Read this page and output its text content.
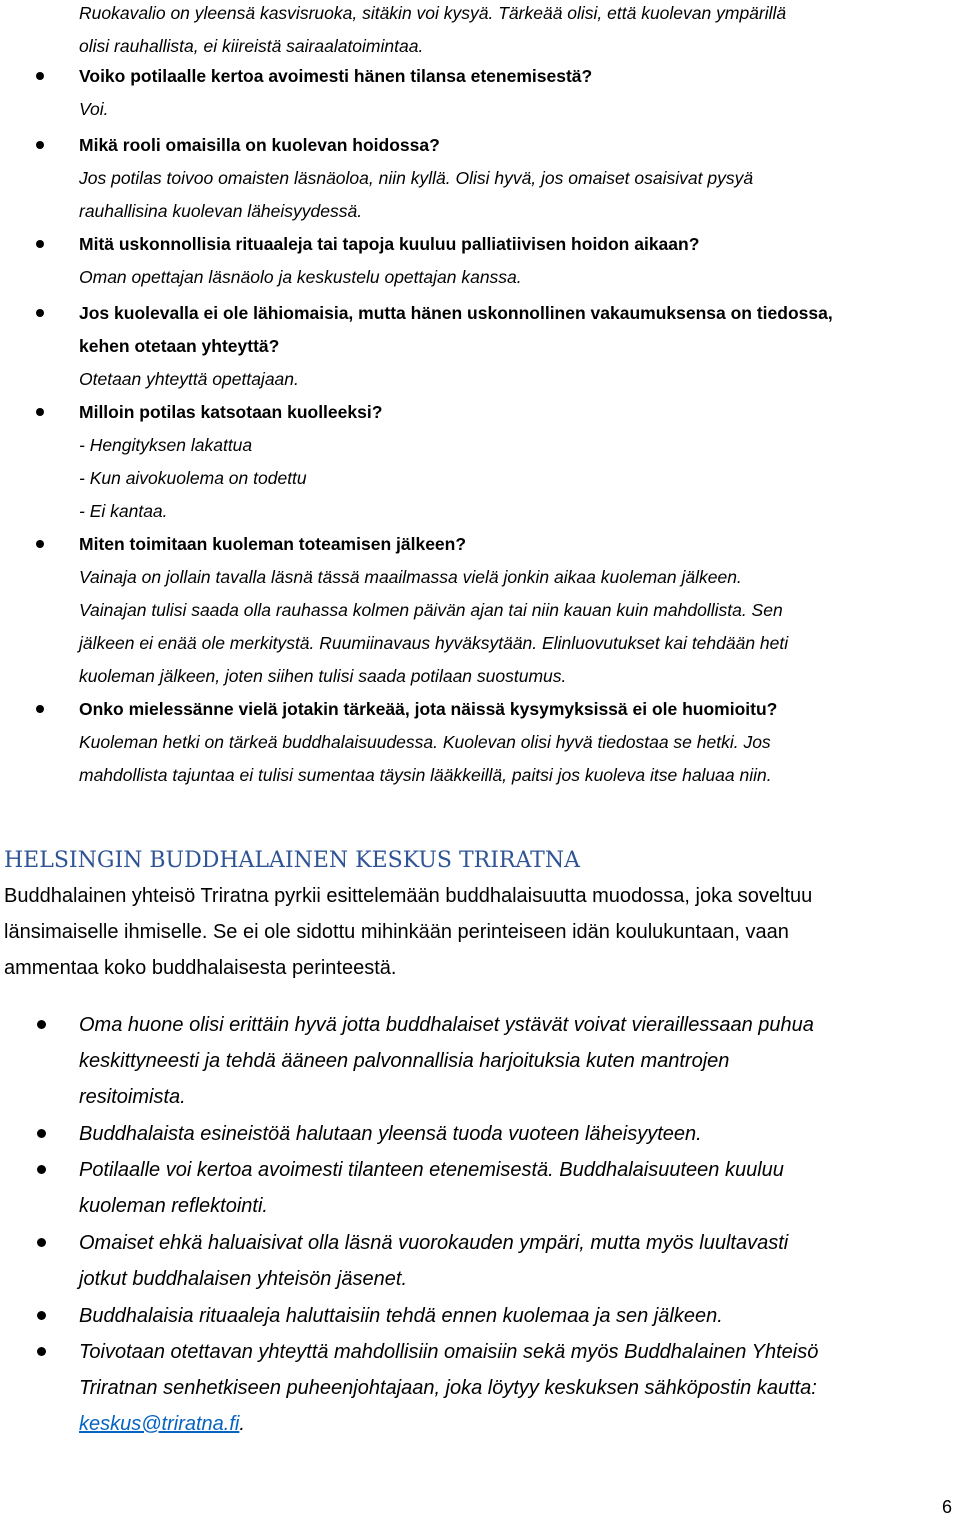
Ruokavalio on yleensä kasvisruoka, sitäkin voi kysyä. Tärkeää olisi, että kuolevan ympärillä
olisi rauhallista, ei kiireistä sairaalatoimintaa.
Voiko potilaalle kertoa avoimesti hänen tilansa etenemisestä?
Voi.
Mikä rooli omaisilla on kuolevan hoidossa?
Jos potilas toivoo omaisten läsnäoloa, niin kyllä. Olisi hyvä, jos omaiset osaisivat pysyä
rauhallisina kuolevan läheisyydessä.
Mitä uskonnollisia rituaaleja tai tapoja kuuluu palliatiivisen hoidon aikaan?
Oman opettajan läsnäolo ja keskustelu opettajan kanssa.
Jos kuolevalla ei ole lähiomaisia, mutta hänen uskonnollinen vakaumuksensa on tiedossa,
kehen otetaan yhteyttä?
Otetaan yhteyttä opettajaan.
Milloin potilas katsotaan kuolleeksi?
- Hengityksen lakattua
- Kun aivokuolema on todettu
- Ei kantaa.
Miten toimitaan kuoleman toteamisen jälkeen?
Vainaja on jollain tavalla läsnä tässä maailmassa vielä jonkin aikaa kuoleman jälkeen.
Vainajan tulisi saada olla rauhassa kolmen päivän ajan tai niin kauan kuin mahdollista. Sen
jälkeen ei enää ole merkitystä. Ruumiinavaus hyväksytään. Elinluovutukset kai tehdään heti
kuoleman jälkeen, joten siihen tulisi saada potilaan suostumus.
Onko mielessänne vielä jotakin tärkeää, jota näissä kysymyksissä ei ole huomioitu?
Kuoleman hetki on tärkeä buddhalaisuudessa. Kuolevan olisi hyvä tiedostaa se hetki. Jos
mahdollista tajuntaa ei tulisi sumentaa täysin lääkkeillä, paitsi jos kuoleva itse haluaa niin.
HELSINGIN BUDDHALAINEN KESKUS TRIRATNA
Buddhalainen yhteisö Triratna pyrkii esittelemään buddhalaisuutta muodossa, joka soveltuu
länsimaiselle ihmiselle. Se ei ole sidottu mihinkään perinteiseen idän koulukuntaan, vaan
ammentaa koko buddhalaisesta perinteestä.
Oma huone olisi erittäin hyvä jotta buddhalaiset ystävät voivat vieraillessaan puhua
keskittyneesti ja tehdä ääneen palvonnallisia harjoituksia kuten mantrojen
resitoimista.
Buddhalaista esineistöä halutaan yleensä tuoda vuoteen läheisyyteen.
Potilaalle voi kertoa avoimesti tilanteen etenemisestä. Buddhalaisuuteen kuuluu
kuoleman reflektointi.
Omaiset ehkä haluaisivat olla läsnä vuorokauden ympäri, mutta myös luultavasti
jotkut buddhalaisen yhteisön jäsenet.
Buddhalaisia rituaaleja haluttaisiin tehdä ennen kuolemaa ja sen jälkeen.
Toivotaan otettavan yhteyttä mahdollisiin omaisiin sekä myös Buddhalainen Yhteisö
Triratnan senhetkiseen puheenjohtajaan, joka löytyy keskuksen sähköpostin kautta:
keskus@triratna.fi.
6
